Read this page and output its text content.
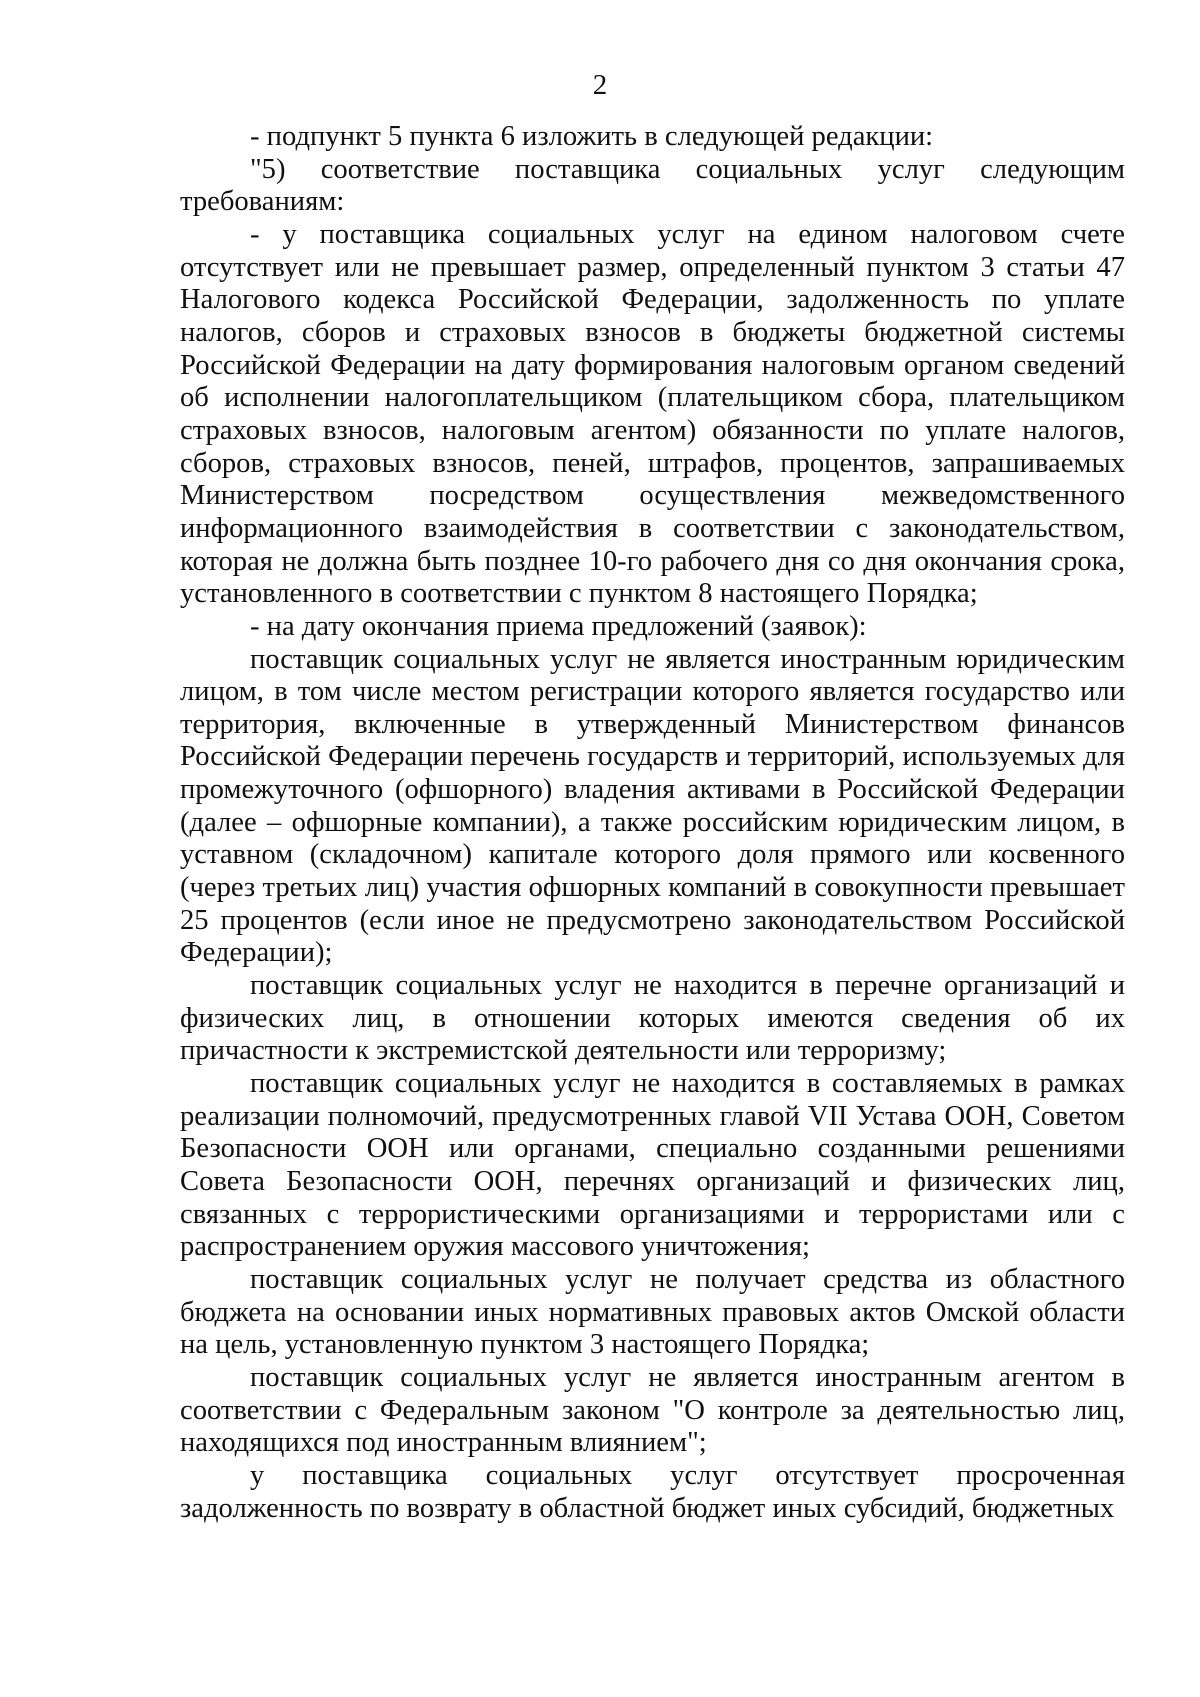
2

- подпункт 5 пункта 6 изложить в следующей редакции:

"5) соответствие поставщика социальных услуг следующим требованиям:

- у поставщика социальных услуг на едином налоговом счете отсутствует или не превышает размер, определенный пунктом 3 статьи 47 Налогового кодекса Российской Федерации, задолженность по уплате налогов, сборов и страховых взносов в бюджеты бюджетной системы Российской Федерации на дату формирования налоговым органом сведений об исполнении налогоплательщиком (плательщиком сбора, плательщиком страховых взносов, налоговым агентом) обязанности по уплате налогов, сборов, страховых взносов, пеней, штрафов, процентов, запрашиваемых Министерством посредством осуществления межведомственного информационного взаимодействия в соответствии с законодательством, которая не должна быть позднее 10-го рабочего дня со дня окончания срока, установленного в соответствии с пунктом 8 настоящего Порядка;

- на дату окончания приема предложений (заявок):

поставщик социальных услуг не является иностранным юридическим лицом, в том числе местом регистрации которого является государство или территория, включенные в утвержденный Министерством финансов Российской Федерации перечень государств и территорий, используемых для промежуточного (офшорного) владения активами в Российской Федерации (далее – офшорные компании), а также российским юридическим лицом, в уставном (складочном) капитале которого доля прямого или косвенного (через третьих лиц) участия офшорных компаний в совокупности превышает 25 процентов (если иное не предусмотрено законодательством Российской Федерации);

поставщик социальных услуг не находится в перечне организаций и физических лиц, в отношении которых имеются сведения об их причастности к экстремистской деятельности или терроризму;

поставщик социальных услуг не находится в составляемых в рамках реализации полномочий, предусмотренных главой VII Устава ООН, Советом Безопасности ООН или органами, специально созданными решениями Совета Безопасности ООН, перечнях организаций и физических лиц, связанных с террористическими организациями и террористами или с распространением оружия массового уничтожения;

поставщик социальных услуг не получает средства из областного бюджета на основании иных нормативных правовых актов Омской области на цель, установленную пунктом 3 настоящего Порядка;

поставщик социальных услуг не является иностранным агентом в соответствии с Федеральным законом "О контроле за деятельностью лиц, находящихся под иностранным влиянием";

у поставщика социальных услуг отсутствует просроченная задолженность по возврату в областной бюджет иных субсидий, бюджетных
